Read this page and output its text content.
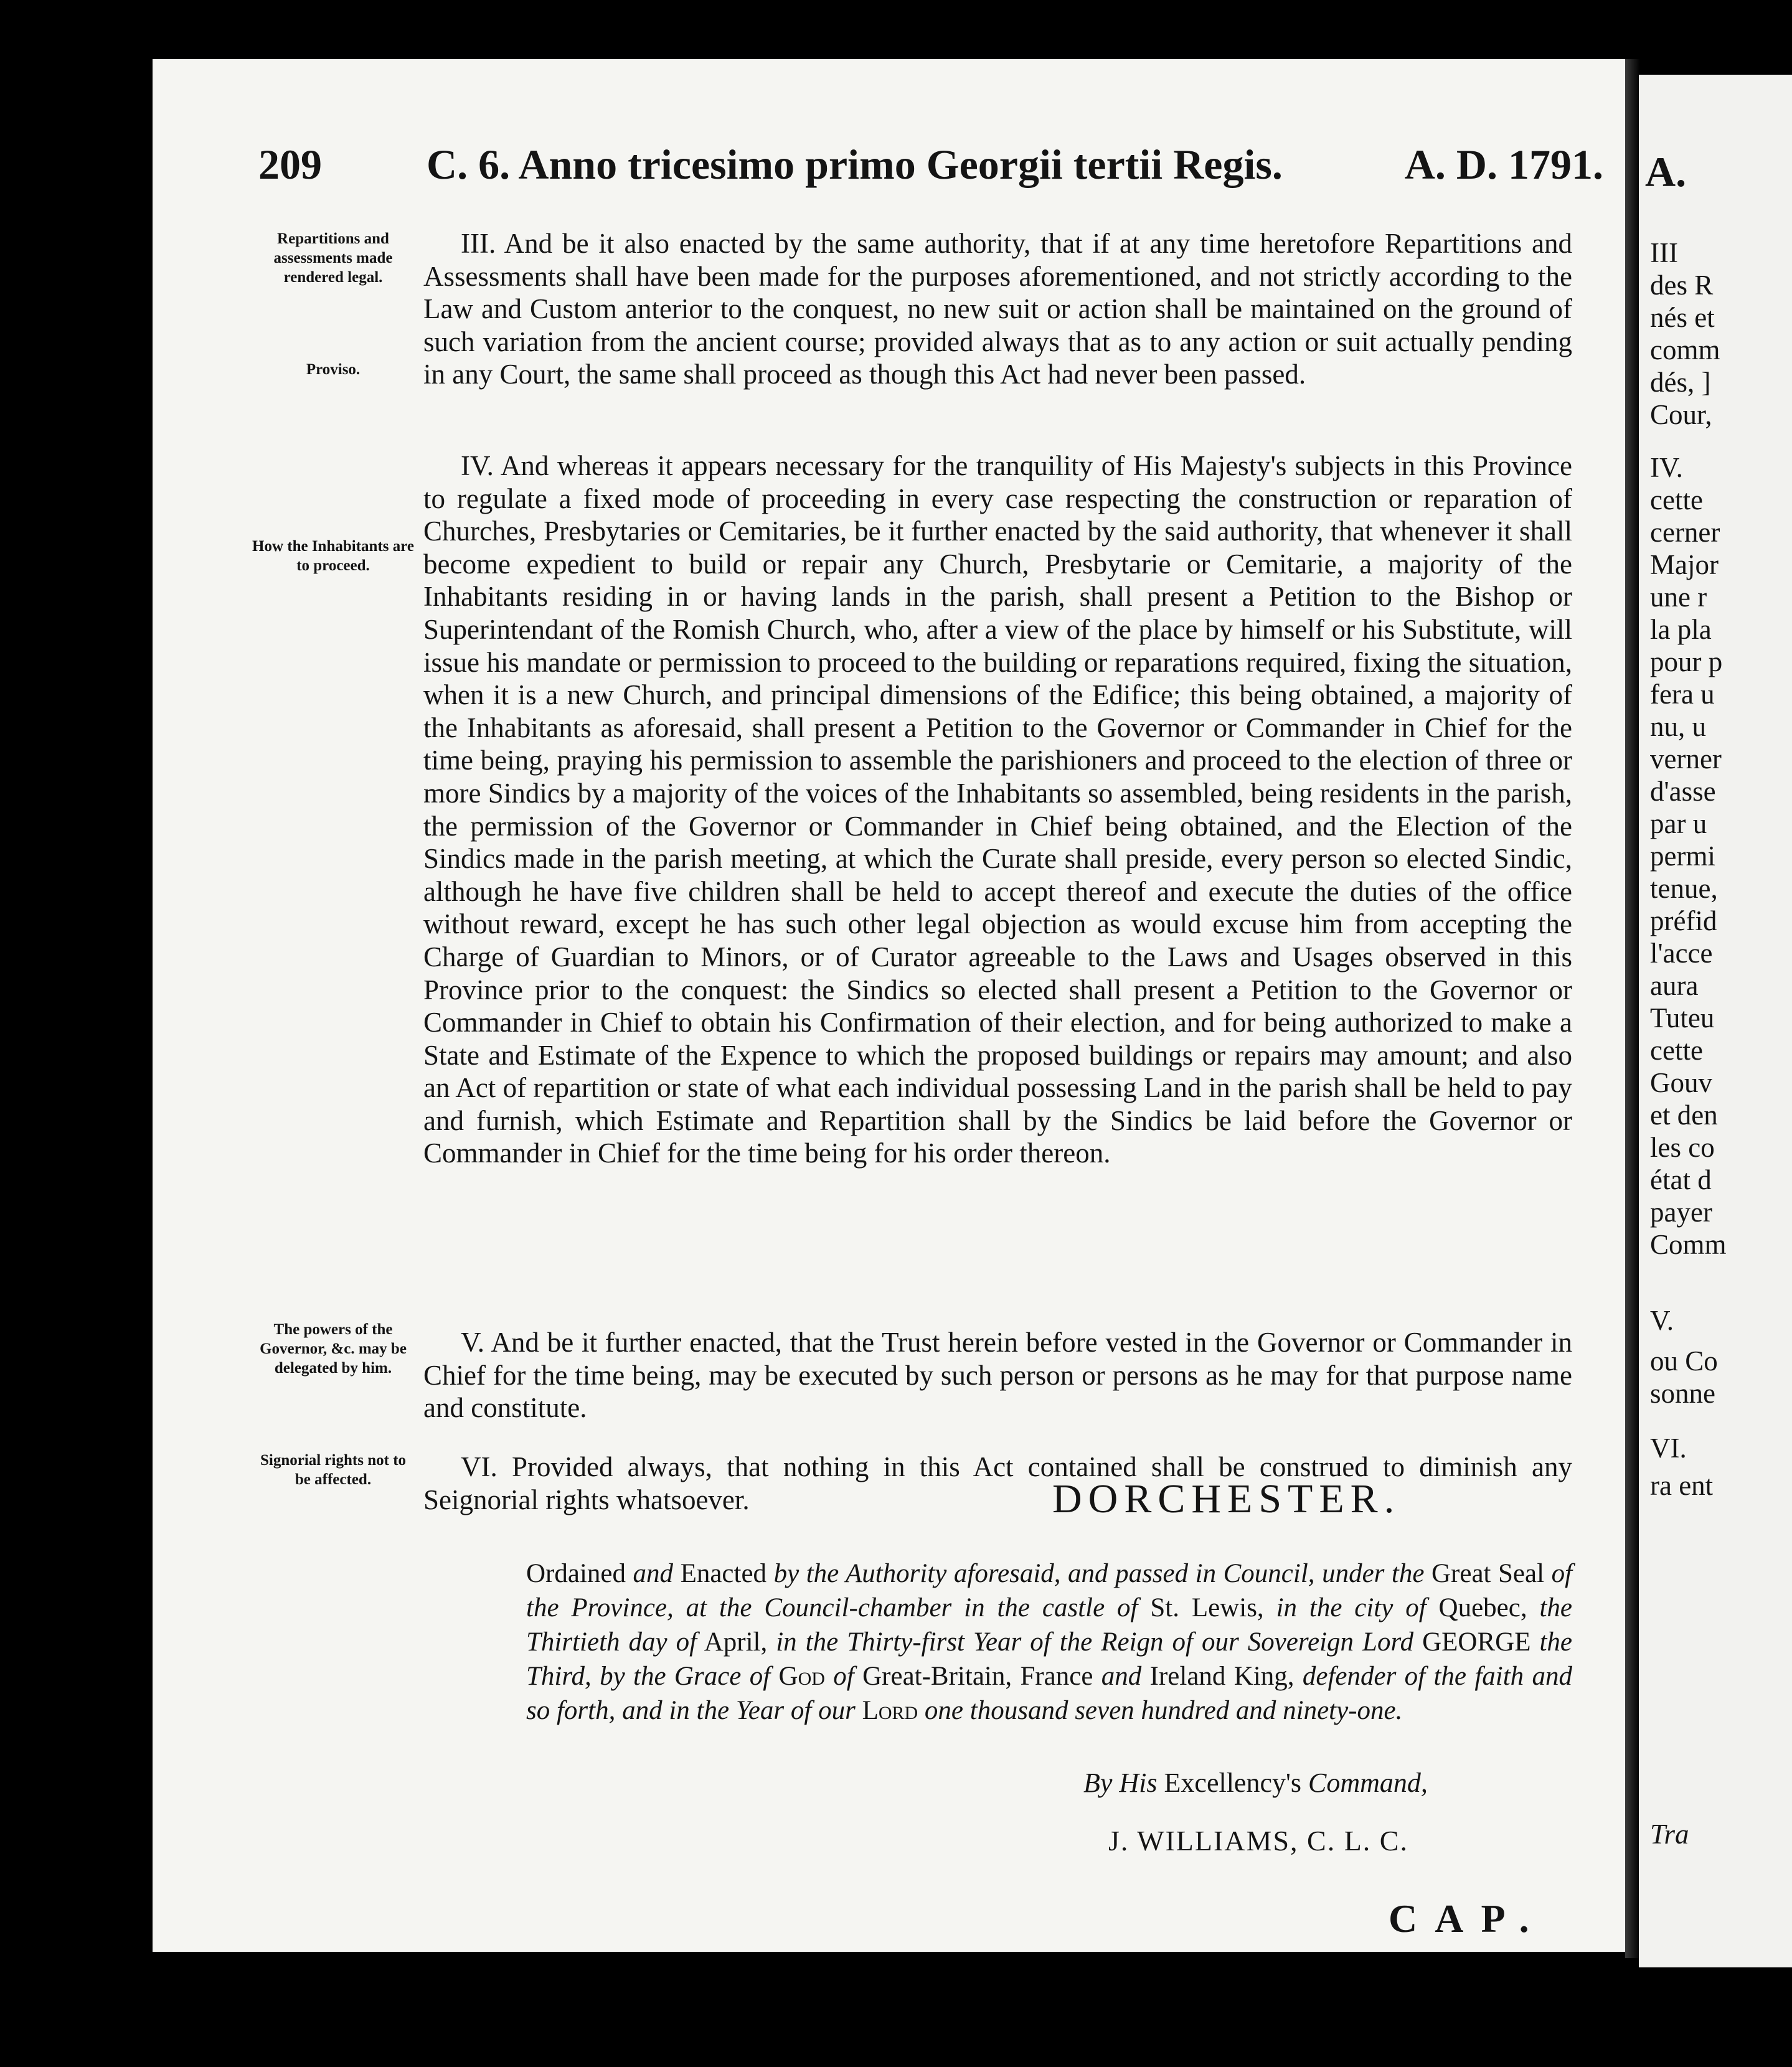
A.
III
des R
nés et
comm
dés, ]
Cour,
IV.
cette
cerner
Major
une r
la pla
pour p
fera u
nu, u
verner
d'asse
par u
permi
tenue,
préfid
l'acce
aura
Tuteu
cette
Gouv
et den
les co
état d
payer
Comm
V.
ou Co
sonne
VI.
ra ent
Tra
209 C. 6. Anno tricesimo primo Georgii tertii Regis.	A. D. 1791.
Repartitions and assessments made rendered legal.
Proviso.
How the Inhabitants are to proceed.
The powers of the Governor, &c. may be delegated by him.
Signorial rights not to be affected.
III. And be it also enacted by the same authority, that if at any time heretofore Repartitions and Assessments shall have been made for the purposes aforementioned, and not strictly according to the Law and Custom anterior to the conquest, no new suit or action shall be maintained on the ground of such variation from the ancient course; provided always that as to any action or suit actually pending in any Court, the same shall proceed as though this Act had never been passed.
IV. And whereas it appears necessary for the tranquility of His Majesty's subjects in this Province to regulate a fixed mode of proceeding in every case respecting the construction or reparation of Churches, Presbytaries or Cemitaries, be it further enacted by the said authority, that whenever it shall become expedient to build or repair any Church, Presbytarie or Cemitarie, a majority of the Inhabitants residing in or having lands in the parish, shall present a Petition to the Bishop or Superintendant of the Romish Church, who, after a view of the place by himself or his Substitute, will issue his mandate or permission to proceed to the building or reparations required, fixing the situation, when it is a new Church, and principal dimensions of the Edifice; this being obtained, a majority of the Inhabitants as aforesaid, shall present a Petition to the Governor or Commander in Chief for the time being, praying his permission to assemble the parishioners and proceed to the election of three or more Sindics by a majority of the voices of the Inhabitants so assembled, being residents in the parish, the permission of the Governor or Commander in Chief being obtained, and the Election of the Sindics made in the parish meeting, at which the Curate shall preside, every person so elected Sindic, although he have five children shall be held to accept thereof and execute the duties of the office without reward, except he has such other legal objection as would excuse him from accepting the Charge of Guardian to Minors, or of Curator agreeable to the Laws and Usages observed in this Province prior to the conquest: the Sindics so elected shall present a Petition to the Governor or Commander in Chief to obtain his Confirmation of their election, and for being authorized to make a State and Estimate of the Expence to which the proposed buildings or repairs may amount; and also an Act of repartition or state of what each individual possessing Land in the parish shall be held to pay and furnish, which Estimate and Repartition shall by the Sindics be laid before the Governor or Commander in Chief for the time being for his order thereon.
V. And be it further enacted, that the Trust herein before vested in the Governor or Commander in Chief for the time being, may be executed by such person or persons as he may for that purpose name and constitute.
VI. Provided always, that nothing in this Act contained shall be construed to diminish any Seignorial rights whatsoever.	DORCHESTER.
Ordained and Enacted by the Authority aforesaid, and passed in Council, under the Great Seal of the Province, at the Council-chamber in the castle of St. Lewis, in the city of Quebec, the Thirtieth day of April, in the Thirty-first Year of the Reign of our Sovereign Lord GEORGE the Third, by the Grace of God of Great-Britain, France and Ireland King, defender of the faith and so forth, and in the Year of our Lord one thousand seven hundred and ninety-one.
By His Excellency's Command,
J. WILLIAMS, C. L. C.
CAP.
